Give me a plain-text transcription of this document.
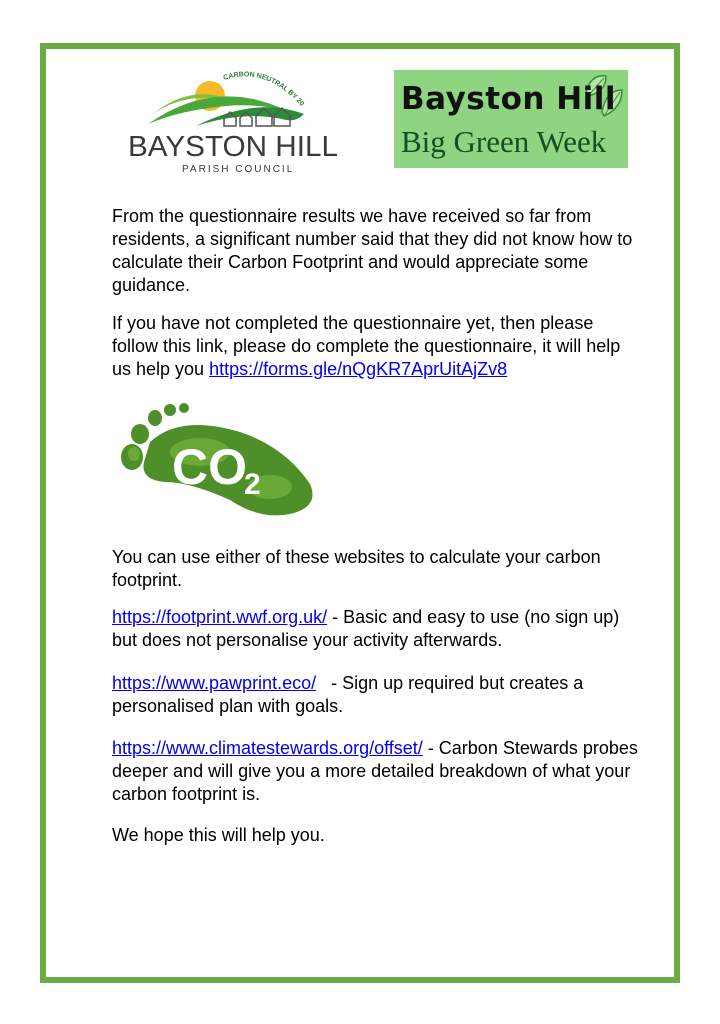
CARBON NEUTRAL BY 20
BAYSTON HILL
PARISH COUNCIL
Bayston Hill
Big Green Week

From the questionnaire results we have received so far from residents, a significant number said that they did not know how to calculate their Carbon Footprint and would appreciate some guidance.

If you have not completed the questionnaire yet, then please follow this link, please do complete the questionnaire, it will help us help you https://forms.gle/nQgKR7AprUitAjZv8

CO
2

You can use either of these websites to calculate your carbon footprint.

https://footprint.wwf.org.uk/ - Basic and easy to use (no sign up) but does not personalise your activity afterwards.

https://www.pawprint.eco/   - Sign up required but creates a personalised plan with goals.

https://www.climatestewards.org/offset/ - Carbon Stewards probes deeper and will give you a more detailed breakdown of what your carbon footprint is.

We hope this will help you.
